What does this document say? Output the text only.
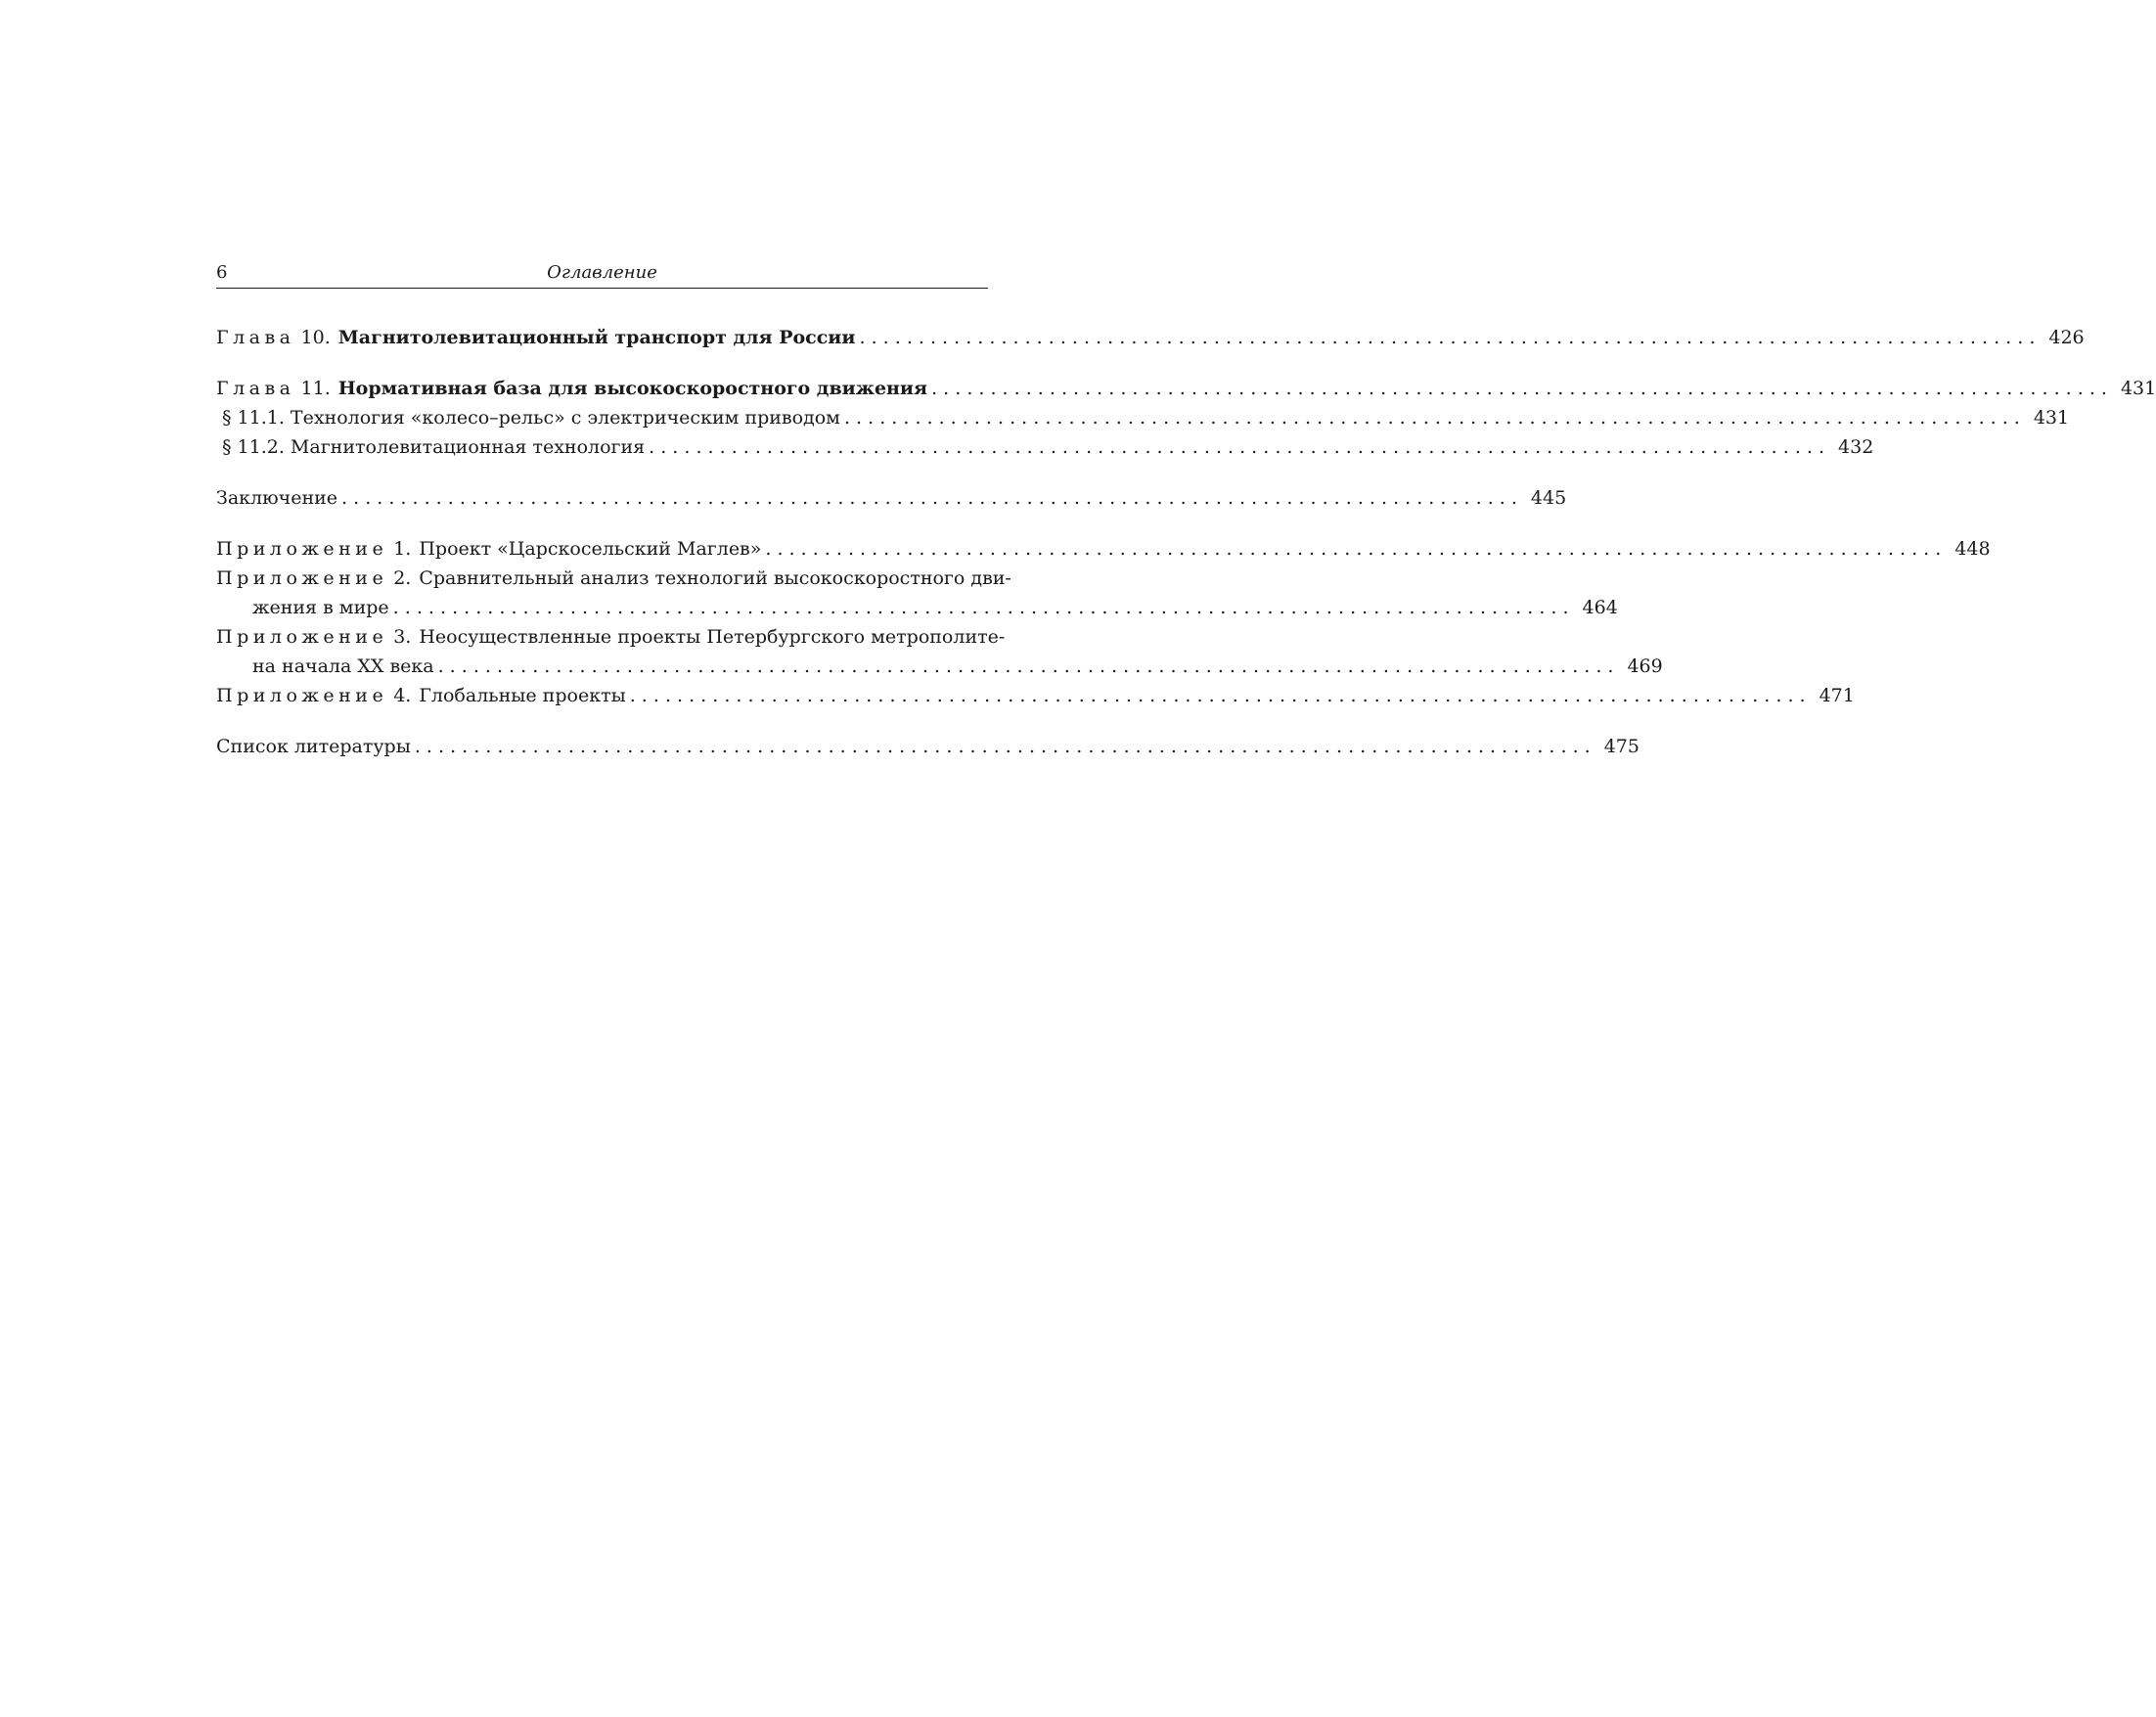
6	Оглавление
Глава 10. Магнитолевитационный транспорт для России . . .	426
Глава 11. Нормативная база для высокоскоростного движения . . .	431
§ 11.1. Технология «колесо–рельс» с электрическим приводом . . .	431
§ 11.2. Магнитолевитационная технология . . .	432
Заключение . . .	445
Приложение 1. Проект «Царскосельский Маглев» . . .	448
Приложение 2. Сравнительный анализ технологий высокоскоростного дви-
жения в мире . . .	464
Приложение 3. Неосуществленные проекты Петербургского метрополите-
на начала XX века . . .	469
Приложение 4. Глобальные проекты . . .	471
Список литературы . . .	475
